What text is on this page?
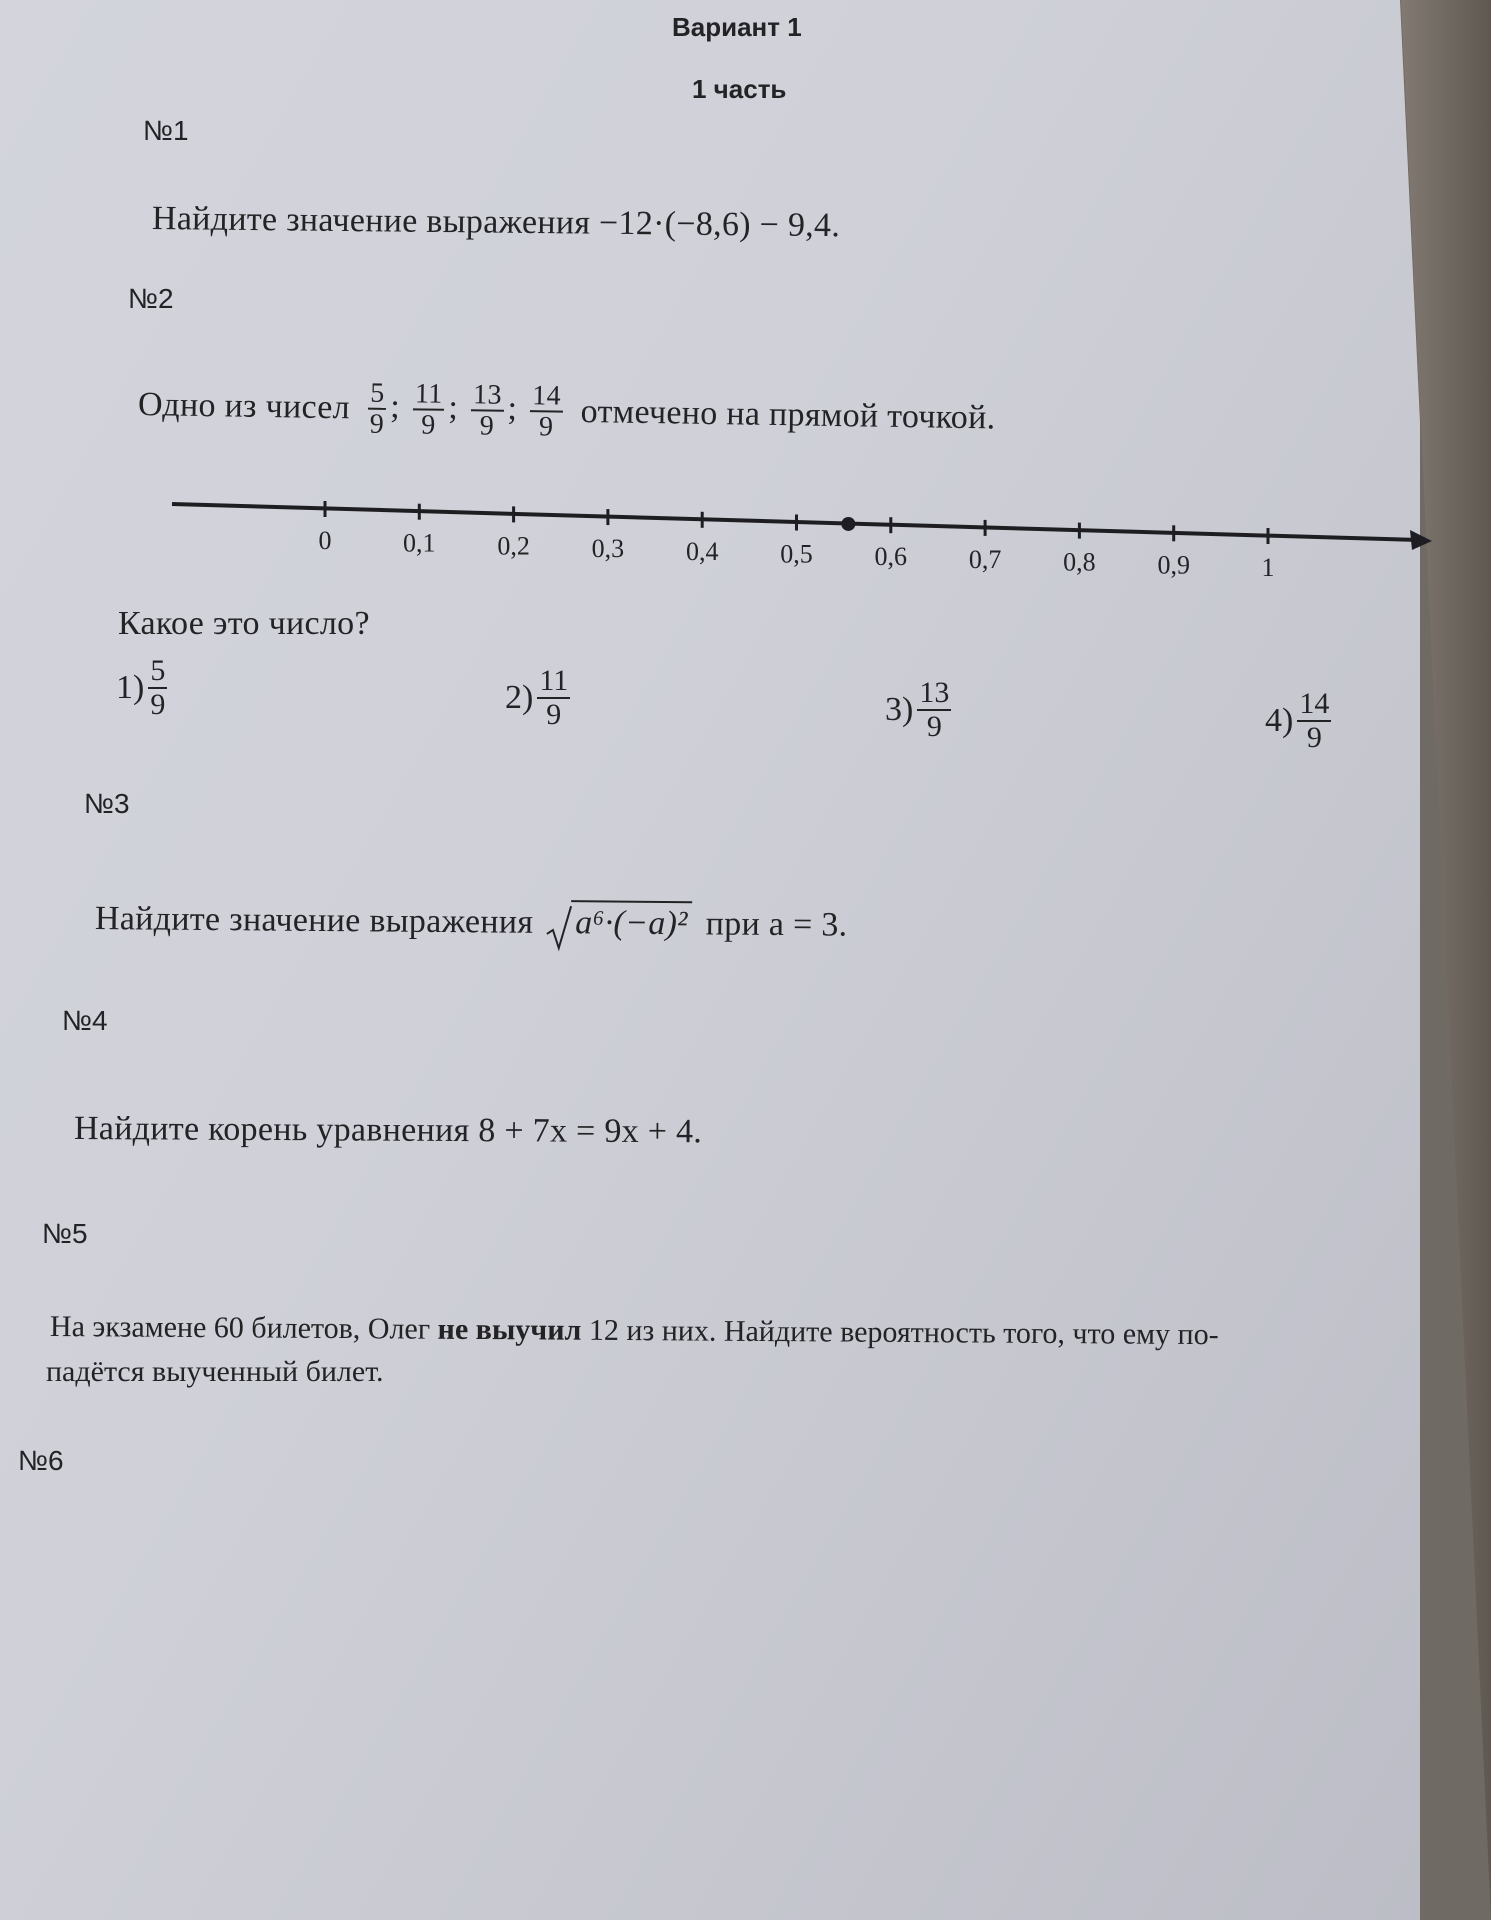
Вариант 1
1 часть
№1
Найдите значение выражения −12·(−8,6) − 9,4.
№2
Одно из чисел $\frac{5}{9}$ ; $\frac{11}{9}$ ; $\frac{13}{9}$ ; $\frac{14}{9}$ отмечено на прямой точкой.
0	0,1 0,2 0,3 0,4 0,5 0,6 0,7 0,8 0,9	1
Какое это число?
$1) \frac{5}{9}$	$2) \frac{11}{9}$	$3) \frac{13}{9}$	$4) \frac{14}{9}$
№3
Найдите значение выражения	a⁶·(−a)² при a = 3.
№4
Найдите корень уравнения 8 + 7x = 9x + 4.
№5
На экзамене 60 билетов, Олег не выучил 12 из них. Найдите вероятность того, что ему по-
падётся выученный билет.
№6
